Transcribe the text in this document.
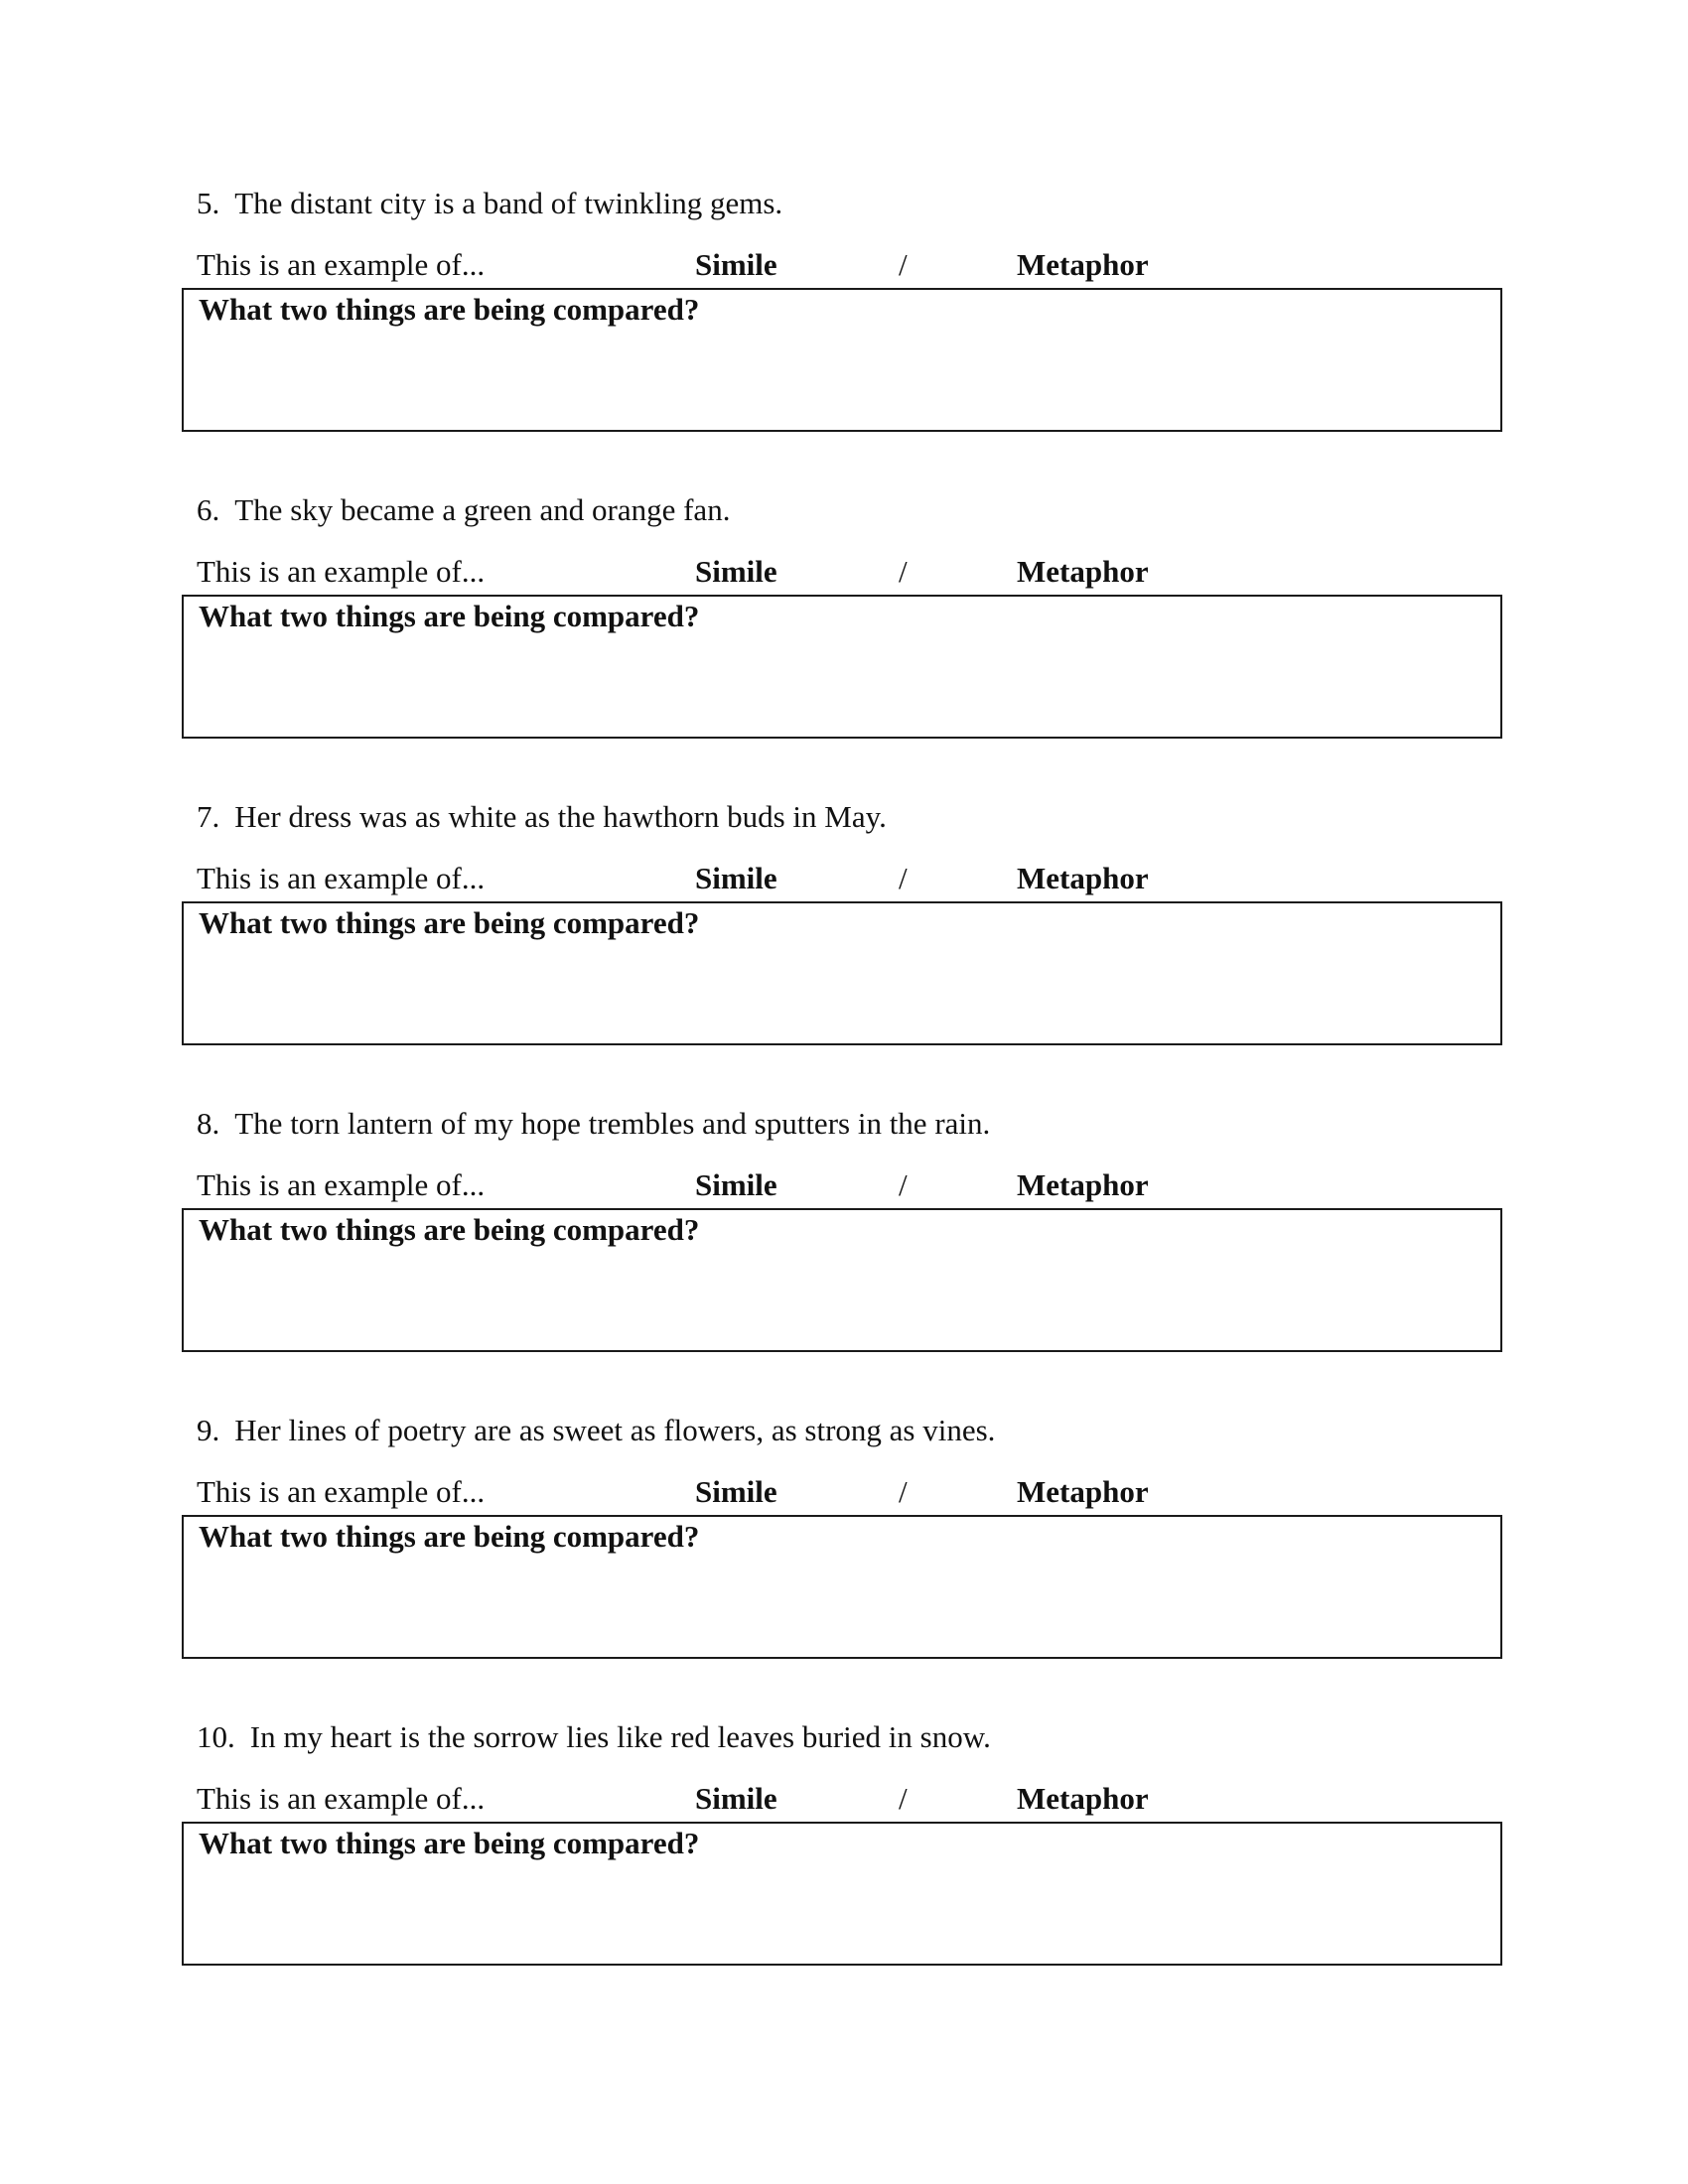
5. The distant city is a band of twinkling gems.
This is an example of...	Simile	/	Metaphor
What two things are being compared?
6. The sky became a green and orange fan.
This is an example of...	Simile	/	Metaphor
What two things are being compared?
7. Her dress was as white as the hawthorn buds in May.
This is an example of...	Simile	/	Metaphor
What two things are being compared?
8. The torn lantern of my hope trembles and sputters in the rain.
This is an example of...	Simile	/	Metaphor
What two things are being compared?
9. Her lines of poetry are as sweet as flowers, as strong as vines.
This is an example of...	Simile	/	Metaphor
What two things are being compared?
10. In my heart is the sorrow lies like red leaves buried in snow.
This is an example of...	Simile	/	Metaphor
What two things are being compared?
